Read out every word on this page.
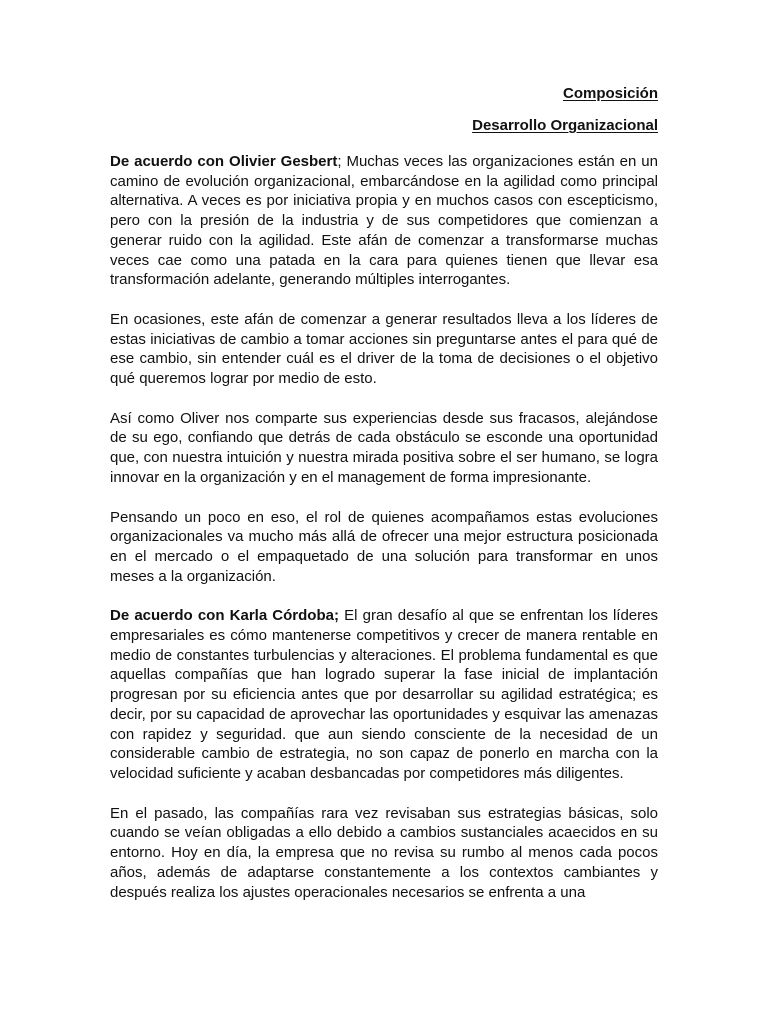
Composición
Desarrollo Organizacional

De acuerdo con Olivier Gesbert; Muchas veces las organizaciones están en un camino de evolución organizacional, embarcándose en la agilidad como principal alternativa. A veces es por iniciativa propia y en muchos casos con escepticismo, pero con la presión de la industria y de sus competidores que comienzan a generar ruido con la agilidad. Este afán de comenzar a transformarse muchas veces cae como una patada en la cara para quienes tienen que llevar esa transformación adelante, generando múltiples interrogantes.

En ocasiones, este afán de comenzar a generar resultados lleva a los líderes de estas iniciativas de cambio a tomar acciones sin preguntarse antes el para qué de ese cambio, sin entender cuál es el driver de la toma de decisiones o el objetivo qué queremos lograr por medio de esto.

Así como Oliver nos comparte sus experiencias desde sus fracasos, alejándose de su ego, confiando que detrás de cada obstáculo se esconde una oportunidad que, con nuestra intuición y nuestra mirada positiva sobre el ser humano, se logra innovar en la organización y en el management de forma impresionante.

Pensando un poco en eso, el rol de quienes acompañamos estas evoluciones organizacionales va mucho más allá de ofrecer una mejor estructura posicionada en el mercado o el empaquetado de una solución para transformar en unos meses a la organización.

De acuerdo con Karla Córdoba; El gran desafío al que se enfrentan los líderes empresariales es cómo mantenerse competitivos y crecer de manera rentable en medio de constantes turbulencias y alteraciones. El problema fundamental es que aquellas compañías que han logrado superar la fase inicial de implantación progresan por su eficiencia antes que por desarrollar su agilidad estratégica; es decir, por su capacidad de aprovechar las oportunidades y esquivar las amenazas con rapidez y seguridad. que aun siendo consciente de la necesidad de un considerable cambio de estrategia, no son capaz de ponerlo en marcha con la velocidad suficiente y acaban desbancadas por competidores más diligentes.

En el pasado, las compañías rara vez revisaban sus estrategias básicas, solo cuando se veían obligadas a ello debido a cambios sustanciales acaecidos en su entorno. Hoy en día, la empresa que no revisa su rumbo al menos cada pocos años, además de adaptarse constantemente a los contextos cambiantes y después realiza los ajustes operacionales necesarios se enfrenta a una
